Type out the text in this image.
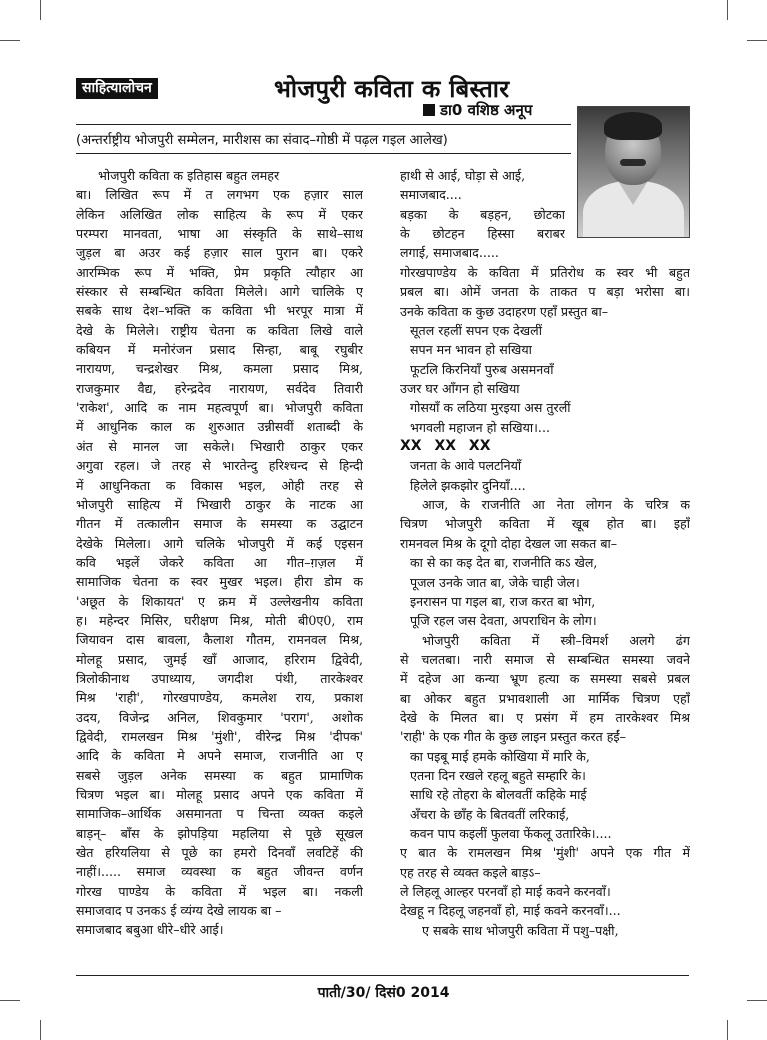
साहित्यालोचन	भोजपुरी कविता क बिस्तार
डा0 वशिष्ठ अनूप
(अन्तर्राष्ट्रीय भोजपुरी सम्मेलन, मारीशस का संवाद–गोष्ठी में पढ़ल गइल आलेख)
भोजपुरी कविता क इतिहास बहुत लमहर
बा। लिखित रूप में त लगभग एक हज़ार साल
लेकिन अलिखित लोक साहित्य के रूप में एकर
परम्परा मानवता, भाषा आ संस्कृति के साथे–साथ
जुड़ल बा अउर कई हज़ार साल पुरान बा। एकरे
आरम्भिक रूप में भक्ति, प्रेम प्रकृति त्यौहार आ
संस्कार से सम्बन्धित कविता मिलेले। आगे चालिके ए
सबके साथ देश–भक्ति क कविता भी भरपूर मात्रा में
देखे के मिलेले। राष्ट्रीय चेतना क कविता लिखे वाले
कबियन में मनोरंजन प्रसाद सिन्हा, बाबू रघुबीर
नारायण, चन्द्रशेखर मिश्र, कमला प्रसाद मिश्र,
राजकुमार वैद्य, हरेन्द्रदेव नारायण, सर्वदेव तिवारी
'राकेश', आदि क नाम महत्वपूर्ण बा। भोजपुरी कविता
में आधुनिक काल क शुरुआत उन्नीसवीं शताब्दी के
अंत से मानल जा सकेले। भिखारी ठाकुर एकर
अगुवा रहल। जे तरह से भारतेन्दु हरिश्चन्द से हिन्दी
में आधुनिकता क विकास भइल, ओही तरह से
भोजपुरी साहित्य में भिखारी ठाकुर के नाटक आ
गीतन में तत्कालीन समाज के समस्या क उद्घाटन
देखेके मिलेला। आगे चलिके भोजपुरी में कई एइसन
कवि भइलें जेकरे कविता आ गीत–ग़ज़ल में
सामाजिक चेतना क स्वर मुखर भइल। हीरा डोम क
'अछूत के शिकायत' ए क्रम में उल्लेखनीय कविता
ह। महेन्दर मिसिर, घरीक्षण मिश्र, मोती बी0ए0, राम
जियावन दास बावला, कैलाश गौतम, रामनवल मिश्र,
मोलहू प्रसाद, जुमई खाँ आजाद, हरिराम द्विवेदी,
त्रिलोकीनाथ उपाध्याय, जगदीश पंथी, तारकेश्वर
मिश्र 'राही', गोरखपाण्डेय, कमलेश राय, प्रकाश
उदय, विजेन्द्र अनिल, शिवकुमार 'पराग', अशोक
द्विवेदी, रामलखन मिश्र 'मुंशी', वीरेन्द्र मिश्र 'दीपक'
आदि के कविता मे अपने समाज, राजनीति आ ए
सबसे जुड़ल अनेक समस्या क बहुत प्रामाणिक
चित्रण भइल बा। मोलहू प्रसाद अपने एक कविता में
सामाजिक–आर्थिक असमानता प चिन्ता व्यक्त कइले
बाड़न्– बाँस के झोपड़िया महलिया से पूछे सूखल
खेत हरियलिया से पूछे का हमरो दिनवाँ लवटिहें की
नाहीं।..... समाज व्यवस्था क बहुत जीवन्त वर्णन
गोरख पाण्डेय के कविता में भइल बा। नकली
समाजवाद प उनकऽ ई व्यंग्य देखे लायक बा –
समाजबाद बबुआ धीरे–धीरे आई।
हाथी से आई, घोड़ा से आई,
समाजबाद....
बड़का के बड़हन, छोटका
के छोटहन हिस्सा बराबर
लगाई, समाजबाद.....
गोरखपाण्डेय के कविता में प्रतिरोध क स्वर भी बहुत
प्रबल बा। ओमें जनता के ताकत प बड़ा भरोसा बा।
उनके कविता क कुछ उदाहरण एहाँ प्रस्तुत बा–
सूतल रहलीं सपन एक देखलीं
सपन मन भावन हो सखिया
फूटलि किरनियाँ पुरुब असमनवाँ
उजर घर आँगन हो सखिया
गोसयाँ क लठिया मुरइया अस तुरलीं
भगवली महाजन हो सखिया।...
XX XX XX
जनता के आवे पलटनियाँ
हिलेले झकझोर दुनियाँ....
आज, के राजनीति आ नेता लोगन के चरित्र क
चित्रण भोजपुरी कविता में खूब होत बा। इहाँ
रामनवल मिश्र के दूगो दोहा देखल जा सकत बा–
का से का कइ देत बा, राजनीति कऽ खेल,
पूजल उनके जात बा, जेके चाही जेल।
इनरासन पा गइल बा, राज करत बा भोग,
पूजि रहल जस देवता, अपराधिन के लोग।
भोजपुरी कविता में स्त्री–विमर्श अलगे ढंग
से चलतबा। नारी समाज से सम्बन्धित समस्या जवने
में दहेज आ कन्या भ्रूण हत्या क समस्या सबसे प्रबल
बा ओकर बहुत प्रभावशाली आ मार्मिक चित्रण एहाँ
देखे के मिलत बा। ए प्रसंग में हम तारकेश्वर मिश्र
'राही' के एक गीत के कुछ लाइन प्रस्तुत करत हईं–
का पइबू माई हमके कोखिया में मारि के,
एतना दिन रखले रहलू बहुते सम्हारि के।
साधि रहे तोहरा के बोलवतीं कहिके माई
अँचरा के छाँह के बितवतीं लरिकाई,
कवन पाप कइलीं फुलवा फेंकलू उतारिके।....
ए बात के रामलखन मिश्र 'मुंशी' अपने एक गीत में
एह तरह से व्यक्त कइले बाड़ऽ–
ले लिहलू आल्हर परनवाँ हो माई कवने करनवाँ।
देखहू न दिहलू जहनवाँ हो, माई कवने करनवाँ।...
ए सबके साथ भोजपुरी कविता में पशु–पक्षी,
पाती/30/ दिसं0 2014
